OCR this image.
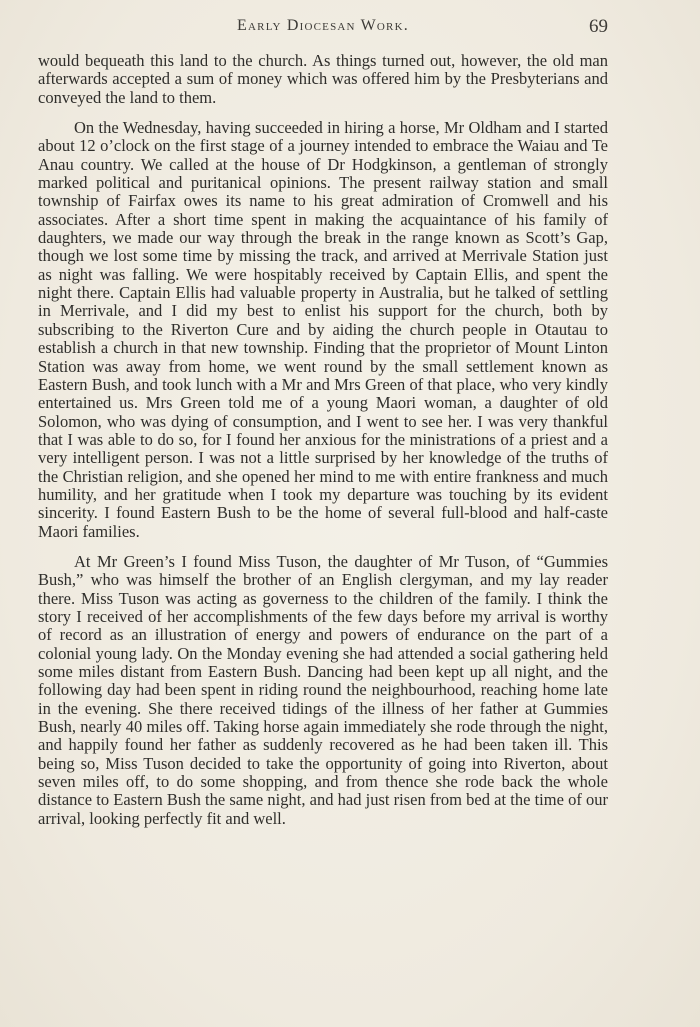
Early Diocesan Work.	69

would bequeath this land to the church. As things turned out, however, the old man afterwards accepted a sum of money which was offered him by the Presbyterians and conveyed the land to them.

On the Wednesday, having succeeded in hiring a horse, Mr Oldham and I started about 12 o’clock on the first stage of a journey intended to embrace the Waiau and Te Anau country. We called at the house of Dr Hodgkinson, a gentleman of strongly marked political and puritanical opinions. The present railway station and small township of Fairfax owes its name to his great admiration of Cromwell and his associates. After a short time spent in making the acquaintance of his family of daughters, we made our way through the break in the range known as Scott’s Gap, though we lost some time by missing the track, and arrived at Merrivale Station just as night was falling. We were hospitably received by Captain Ellis, and spent the night there. Captain Ellis had valuable property in Australia, but he talked of settling in Merrivale, and I did my best to enlist his support for the church, both by subscribing to the Riverton Cure and by aiding the church people in Otautau to establish a church in that new township. Finding that the proprietor of Mount Linton Station was away from home, we went round by the small settlement known as Eastern Bush, and took lunch with a Mr and Mrs Green of that place, who very kindly entertained us. Mrs Green told me of a young Maori woman, a daughter of old Solomon, who was dying of consumption, and I went to see her. I was very thankful that I was able to do so, for I found her anxious for the ministrations of a priest and a very intelligent person. I was not a little surprised by her knowledge of the truths of the Christian religion, and she opened her mind to me with entire frankness and much humility, and her gratitude when I took my departure was touching by its evident sincerity. I found Eastern Bush to be the home of several full-blood and half-caste Maori families.

At Mr Green’s I found Miss Tuson, the daughter of Mr Tuson, of “Gummies Bush,” who was himself the brother of an English clergyman, and my lay reader there. Miss Tuson was acting as governess to the children of the family. I think the story I received of her accomplishments of the few days before my arrival is worthy of record as an illustration of energy and powers of endurance on the part of a colonial young lady. On the Monday evening she had attended a social gathering held some miles distant from Eastern Bush. Dancing had been kept up all night, and the following day had been spent in riding round the neighbourhood, reaching home late in the evening. She there received tidings of the illness of her father at Gummies Bush, nearly 40 miles off. Taking horse again immediately she rode through the night, and happily found her father as suddenly recovered as he had been taken ill. This being so, Miss Tuson decided to take the opportunity of going into Riverton, about seven miles off, to do some shopping, and from thence she rode back the whole distance to Eastern Bush the same night, and had just risen from bed at the time of our arrival, looking perfectly fit and well.
